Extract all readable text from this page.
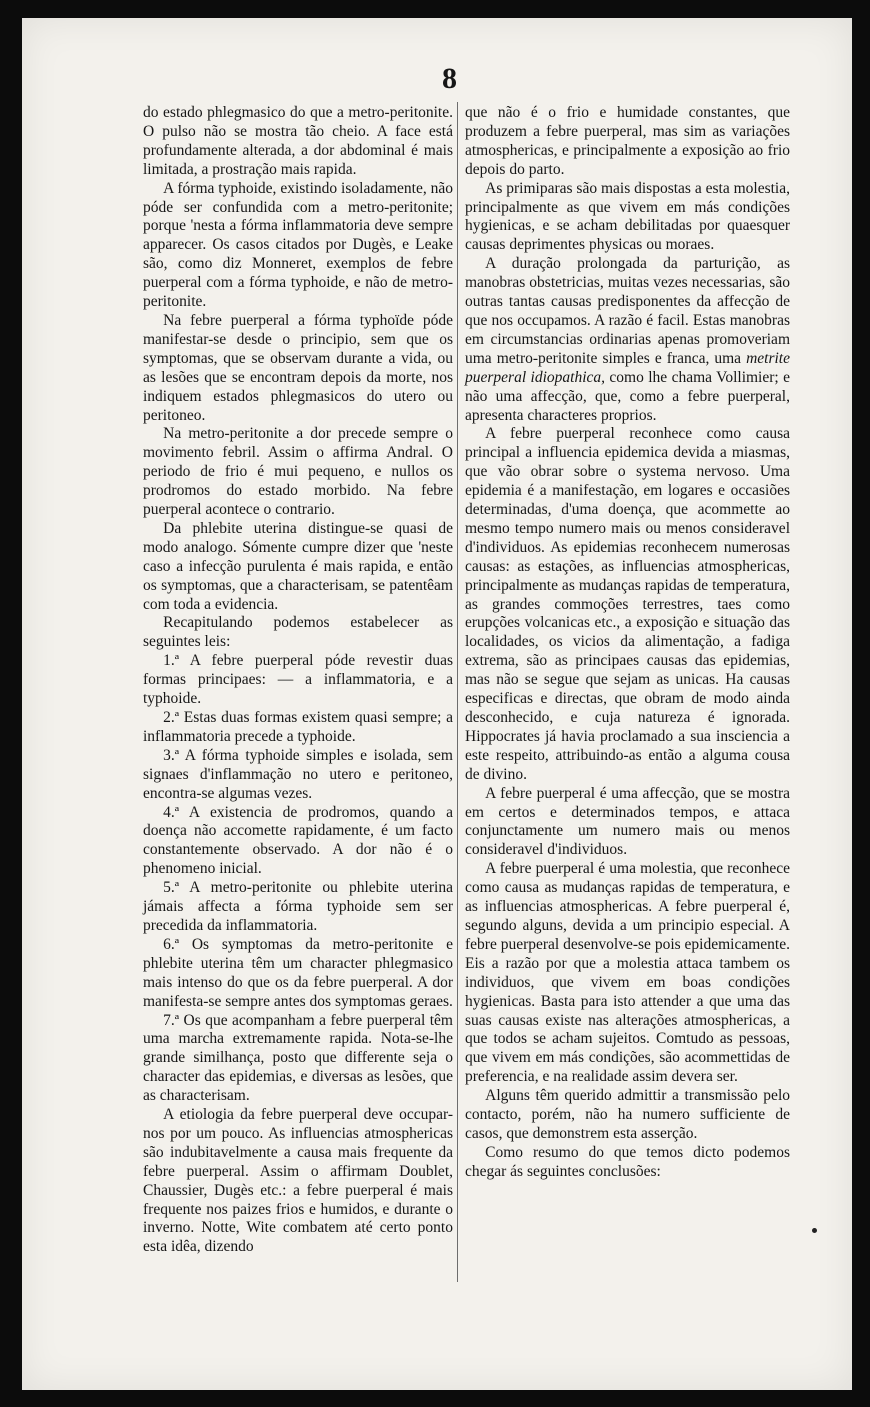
8

do estado phlegmasico do que a metro-peritonite. O pulso não se mostra tão cheio. A face está profundamente alterada, a dor abdominal é mais limitada, a prostração mais rapida.

A fórma typhoide, existindo isoladamente, não póde ser confundida com a metro-peritonite; porque 'nesta a fórma inflammatoria deve sempre apparecer. Os casos citados por Dugès, e Leake são, como diz Monneret, exemplos de febre puerperal com a fórma typhoide, e não de metro-peritonite.

Na febre puerperal a fórma typhoïde póde manifestar-se desde o principio, sem que os symptomas, que se observam durante a vida, ou as lesões que se encontram depois da morte, nos indiquem estados phlegmasicos do utero ou peritoneo.

Na metro-peritonite a dor precede sempre o movimento febril. Assim o affirma Andral. O periodo de frio é mui pequeno, e nullos os prodromos do estado morbido. Na febre puerperal acontece o contrario.

Da phlebite uterina distingue-se quasi de modo analogo. Sómente cumpre dizer que 'neste caso a infecção purulenta é mais rapida, e então os symptomas, que a characterisam, se patentêam com toda a evidencia.

Recapitulando podemos estabelecer as seguintes leis:

1.ª A febre puerperal póde revestir duas formas principaes: — a inflammatoria, e a typhoide.

2.ª Estas duas formas existem quasi sempre; a inflammatoria precede a typhoide.

3.ª A fórma typhoide simples e isolada, sem signaes d'inflammação no utero e peritoneo, encontra-se algumas vezes.

4.ª A existencia de prodromos, quando a doença não accomette rapidamente, é um facto constantemente observado. A dor não é o phenomeno inicial.

5.ª A metro-peritonite ou phlebite uterina jámais affecta a fórma typhoide sem ser precedida da inflammatoria.

6.ª Os symptomas da metro-peritonite e phlebite uterina têm um character phlegmasico mais intenso do que os da febre puerperal. A dor manifesta-se sempre antes dos symptomas geraes.

7.ª Os que acompanham a febre puerperal têm uma marcha extremamente rapida. Nota-se-lhe grande similhança, posto que differente seja o character das epidemias, e diversas as lesões, que as characterisam.

A etiologia da febre puerperal deve occupar-nos por um pouco. As influencias atmosphericas são indubitavelmente a causa mais frequente da febre puerperal. Assim o affirmam Doublet, Chaussier, Dugès etc.: a febre puerperal é mais frequente nos paizes frios e humidos, e durante o inverno. Notte, Wite combatem até certo ponto esta idêa, dizendo

que não é o frio e humidade constantes, que produzem a febre puerperal, mas sim as variações atmosphericas, e principalmente a exposição ao frio depois do parto.

As primiparas são mais dispostas a esta molestia, principalmente as que vivem em más condições hygienicas, e se acham debilitadas por quaesquer causas deprimentes physicas ou moraes.

A duração prolongada da parturição, as manobras obstetricias, muitas vezes necessarias, são outras tantas causas predisponentes da affecção de que nos occupamos. A razão é facil. Estas manobras em circumstancias ordinarias apenas promoveriam uma metro-peritonite simples e franca, uma metrite puerperal idiopathica, como lhe chama Vollimier; e não uma affecção, que, como a febre puerperal, apresenta characteres proprios.

A febre puerperal reconhece como causa principal a influencia epidemica devida a miasmas, que vão obrar sobre o systema nervoso. Uma epidemia é a manifestação, em logares e occasiões determinadas, d'uma doença, que acommette ao mesmo tempo numero mais ou menos consideravel d'individuos. As epidemias reconhecem numerosas causas: as estações, as influencias atmosphericas, principalmente as mudanças rapidas de temperatura, as grandes commoções terrestres, taes como erupções volcanicas etc., a exposição e situação das localidades, os vicios da alimentação, a fadiga extrema, são as principaes causas das epidemias, mas não se segue que sejam as unicas. Ha causas especificas e directas, que obram de modo ainda desconhecido, e cuja natureza é ignorada. Hippocrates já havia proclamado a sua insciencia a este respeito, attribuindo-as então a alguma cousa de divino.

A febre puerperal é uma affecção, que se mostra em certos e determinados tempos, e attaca conjunctamente um numero mais ou menos consideravel d'individuos.

A febre puerperal é uma molestia, que reconhece como causa as mudanças rapidas de temperatura, e as influencias atmosphericas. A febre puerperal é, segundo alguns, devida a um principio especial. A febre puerperal desenvolve-se pois epidemicamente. Eis a razão por que a molestia attaca tambem os individuos, que vivem em boas condições hygienicas. Basta para isto attender a que uma das suas causas existe nas alterações atmosphericas, a que todos se acham sujeitos. Comtudo as pessoas, que vivem em más condições, são acommettidas de preferencia, e na realidade assim devera ser.

Alguns têm querido admittir a transmissão pelo contacto, porém, não ha numero sufficiente de casos, que demonstrem esta asserção.

Como resumo do que temos dicto podemos chegar ás seguintes conclusões:
